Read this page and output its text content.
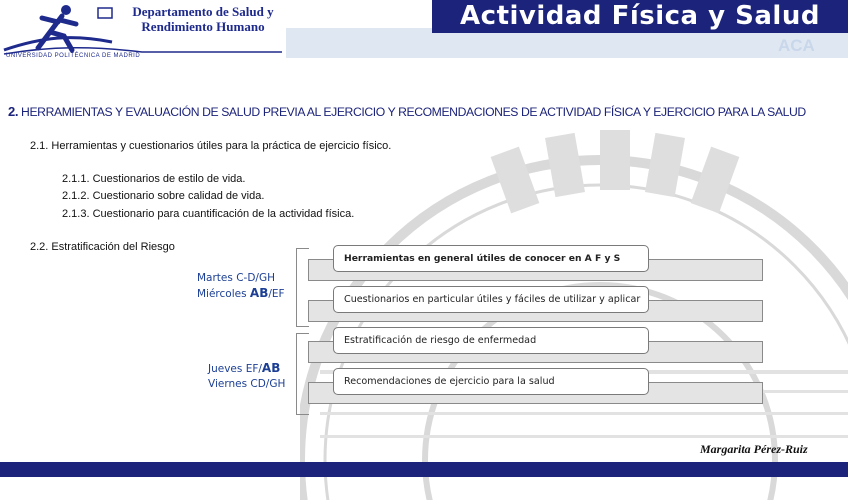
Departamento de Salud y Rendimiento Humano
UNIVERSIDAD POLITÉCNICA DE MADRID
ACA
Actividad Física y Salud
2. HERRAMIENTAS Y EVALUACIÓN DE SALUD PREVIA AL EJERCICIO Y RECOMENDACIONES DE ACTIVIDAD FÍSICA Y EJERCICIO PARA LA SALUD
2.1. Herramientas y cuestionarios útiles para la práctica de ejercicio físico.
2.1.1. Cuestionarios de estilo de vida.
2.1.2. Cuestionario sobre calidad de vida.
2.1.3. Cuestionario para cuantificación de la actividad física.
2.2. Estratificación del Riesgo
Martes C-D/GH
Miércoles AB/EF
Jueves EF/AB
Viernes CD/GH
Herramientas en general útiles de conocer en A F y S
Cuestionarios en particular útiles y fáciles de utilizar y aplicar
Estratificación de riesgo de enfermedad
Recomendaciones de ejercicio para la salud
Margarita Pérez-Ruiz
